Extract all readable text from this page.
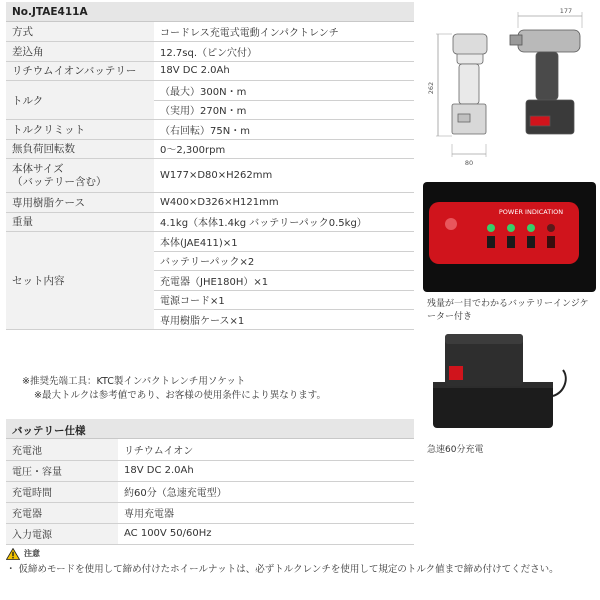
No.JTAE411A
方式	コードレス充電式電動インパクトレンチ
差込角	12.7sq.（ピン穴付）
リチウムイオンバッテリー	18V DC 2.0Ah
トルク	（最大）300N・m
	（実用）270N・m
トルクリミット	（右回転）75N・m
無負荷回転数	0～2,300rpm

本体サイズ
（バッテリー含む）	W177×D80×H262mm
専用樹脂ケース	W400×D326×H121mm
重量	4.1kg（本体1.4kg バッテリーパック0.5kg）
セット内容	本体(JAE411)×1
	バッテリーパック×2
	充電器（JHE180H）×1
	電源コード×1
	専用樹脂ケース×1
※推奨先端工具：KTC製インパクトレンチ用ソケット
※最大トルクは参考値であり、お客様の使用条件により異なります。
バッテリー仕様
充電池	リチウムイオン
電圧・容量	18V DC 2.0Ah
充電時間	約60分（急速充電型）
充電器	専用充電器
入力電源	AC 100V 50/60Hz
注意
・ 仮締めモードを使用して締め付けたホイールナットは、必ずトルクレンチを使用して規定のトルク値まで締め付けてください。
262
80
177
POWER INDICATION
残量が一目でわかるバッテリーインジケーター付き
急速60分充電
